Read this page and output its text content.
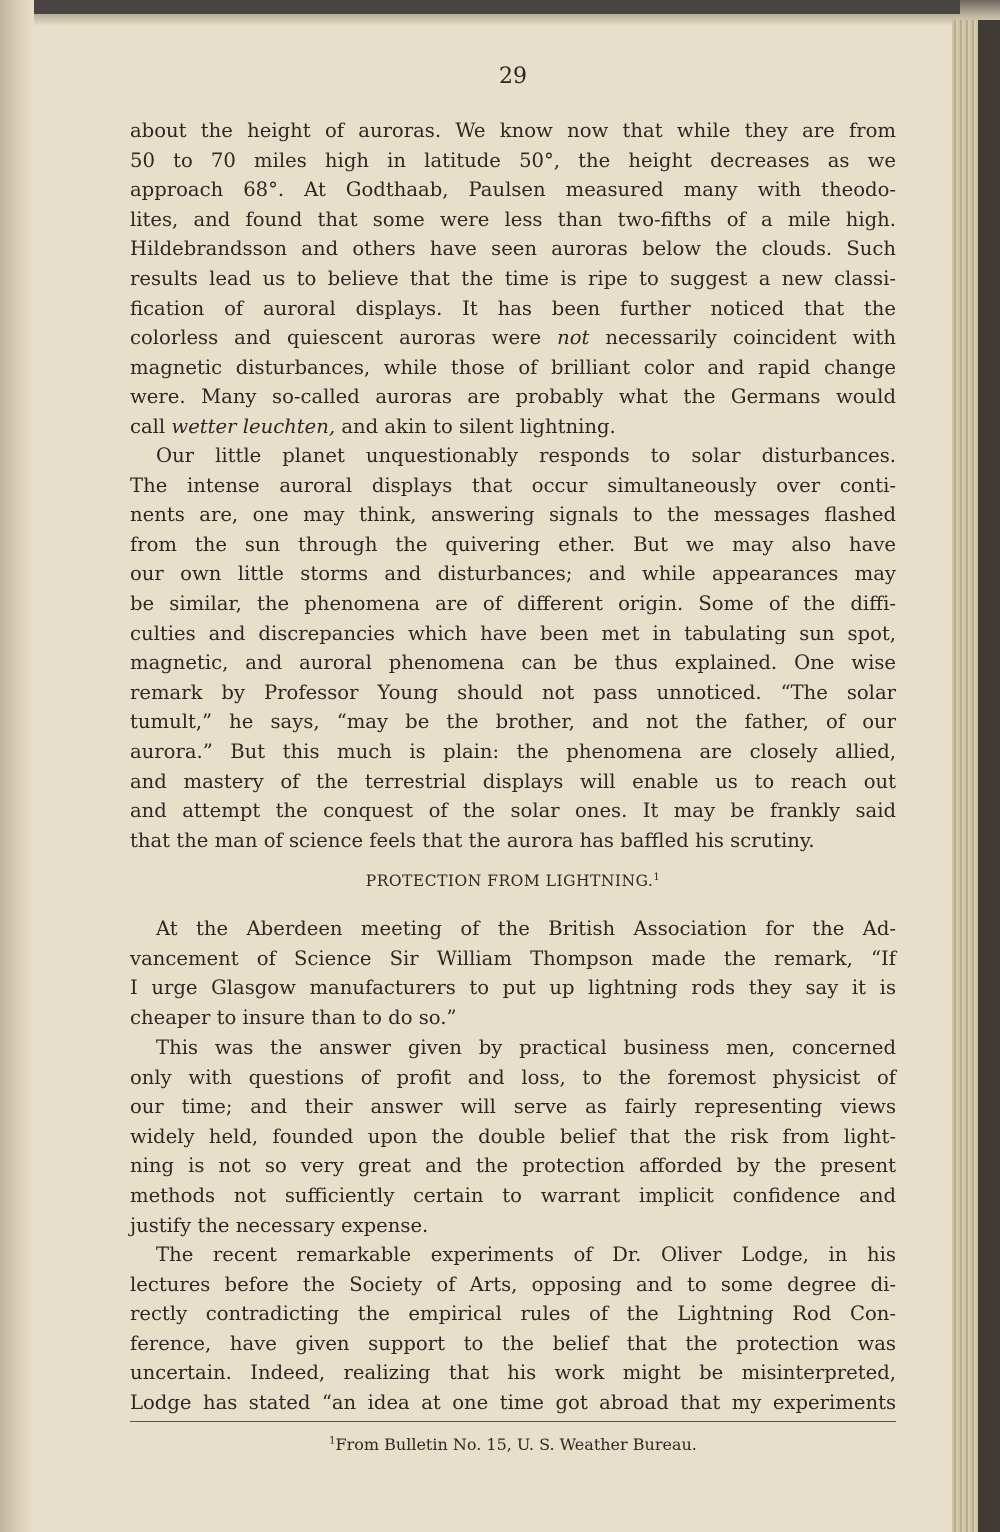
29
about the height of auroras. We know now that while they are from
50 to 70 miles high in latitude 50°, the height decreases as we
approach 68°. At Godthaab, Paulsen measured many with theodo-
lites, and found that some were less than two-fifths of a mile high.
Hildebrandsson and others have seen auroras below the clouds. Such
results lead us to believe that the time is ripe to suggest a new classi-
fication of auroral displays. It has been further noticed that the
colorless and quiescent auroras were not necessarily coincident with
magnetic disturbances, while those of brilliant color and rapid change
were. Many so-called auroras are probably what the Germans would
call wetter leuchten, and akin to silent lightning.
Our little planet unquestionably responds to solar disturbances.
The intense auroral displays that occur simultaneously over conti-
nents are, one may think, answering signals to the messages flashed
from the sun through the quivering ether. But we may also have
our own little storms and disturbances; and while appearances may
be similar, the phenomena are of different origin. Some of the diffi-
culties and discrepancies which have been met in tabulating sun spot,
magnetic, and auroral phenomena can be thus explained. One wise
remark by Professor Young should not pass unnoticed. “The solar
tumult,” he says, “may be the brother, and not the father, of our
aurora.” But this much is plain: the phenomena are closely allied,
and mastery of the terrestrial displays will enable us to reach out
and attempt the conquest of the solar ones. It may be frankly said
that the man of science feels that the aurora has baffled his scrutiny.
PROTECTION FROM LIGHTNING.$^1$
At the Aberdeen meeting of the British Association for the Ad-
vancement of Science Sir William Thompson made the remark, “If
I urge Glasgow manufacturers to put up lightning rods they say it is
cheaper to insure than to do so.”
This was the answer given by practical business men, concerned
only with questions of profit and loss, to the foremost physicist of
our time; and their answer will serve as fairly representing views
widely held, founded upon the double belief that the risk from light-
ning is not so very great and the protection afforded by the present
methods not sufficiently certain to warrant implicit confidence and
justify the necessary expense.
The recent remarkable experiments of Dr. Oliver Lodge, in his
lectures before the Society of Arts, opposing and to some degree di-
rectly contradicting the empirical rules of the Lightning Rod Con-
ference, have given support to the belief that the protection was
uncertain. Indeed, realizing that his work might be misinterpreted,
Lodge has stated “an idea at one time got abroad that my experiments
$^1$From Bulletin No. 15, U. S. Weather Bureau.
